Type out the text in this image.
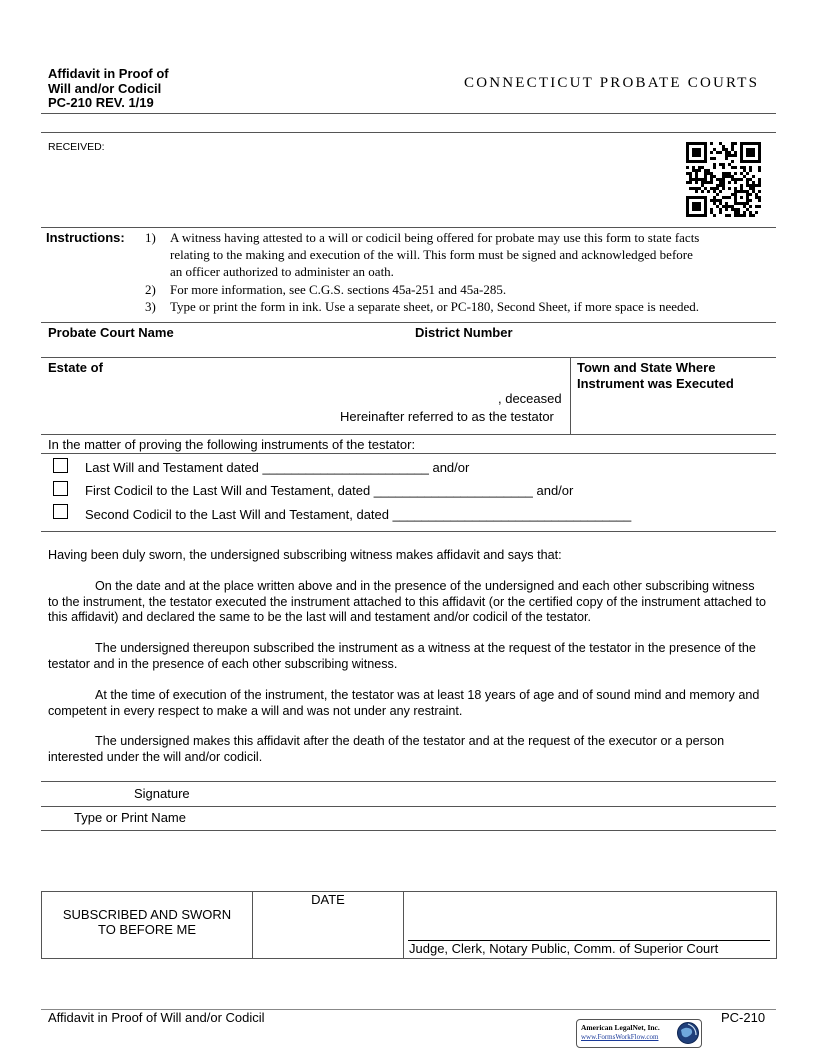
Affidavit in Proof of
Will and/or Codicil
PC-210 REV. 1/19
CONNECTICUT PROBATE COURTS
RECEIVED:
Instructions: 1) A witness having attested to a will or codicil being offered for probate may use this form to state facts
relating to the making and execution of the will. This form must be signed and acknowledged before
an officer authorized to administer an oath.
2) For more information, see C.G.S. sections 45a-251 and 45a-285.
3) Type or print the form in ink. Use a separate sheet, or PC-180, Second Sheet, if more space is needed.
Probate Court Name	District Number
Estate of
, deceased
Hereinafter referred to as the testator
Town and State Where
Instrument was Executed
In the matter of proving the following instruments of the testator:
Last Will and Testament dated _______________________ and/or
First Codicil to the Last Will and Testament, dated ______________________ and/or
Second Codicil to the Last Will and Testament, dated _________________________________
Having been duly sworn, the undersigned subscribing witness makes affidavit and says that:
On the date and at the place written above and in the presence of the undersigned and each other subscribing witness to the instrument, the testator executed the instrument attached to this affidavit (or the certified copy of the instrument attached to this affidavit) and declared the same to be the last will and testament and/or codicil of the testator.
The undersigned thereupon subscribed the instrument as a witness at the request of the testator in the presence of the testator and in the presence of each other subscribing witness.
At the time of execution of the instrument, the testator was at least 18 years of age and of sound mind and memory and competent in every respect to make a will and was not under any restraint.
The undersigned makes this affidavit after the death of the testator and at the request of the executor or a person interested under the will and/or codicil.
Signature
Type or Print Name
SUBSCRIBED AND SWORN
TO BEFORE ME
DATE
Judge, Clerk, Notary Public, Comm. of Superior Court
Affidavit in Proof of Will and/or Codicil	PC-210
American LegalNet, Inc.
www.FormsWorkFlow.com
